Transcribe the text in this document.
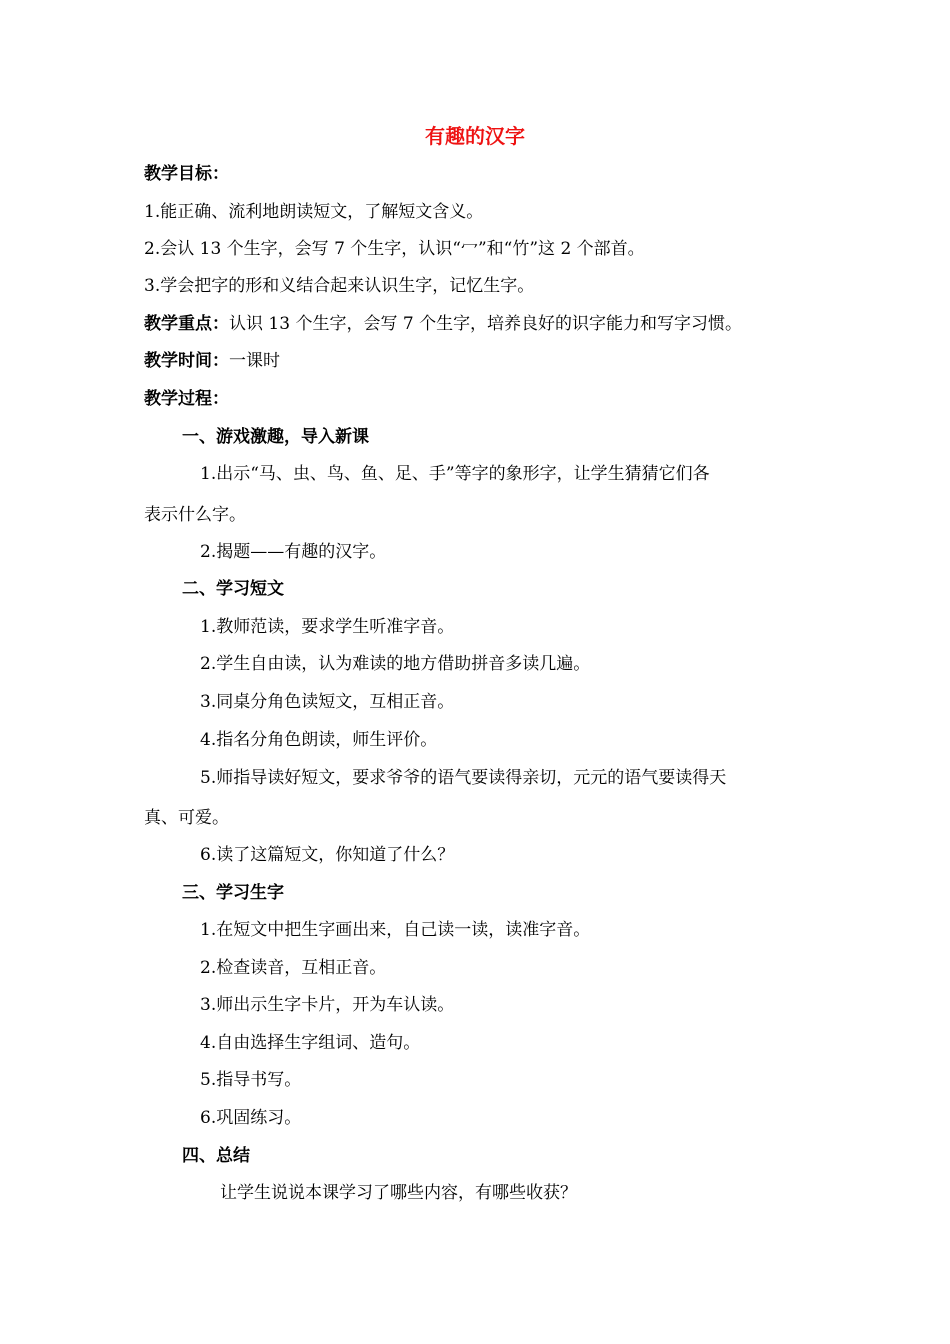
有趣的汉字
教学目标：
1.能正确、流利地朗读短文，了解短文含义。
2.会认 13 个生字，会写 7 个生字，认识“冖”和“竹”这 2 个部首。
3.学会把字的形和义结合起来认识生字，记忆生字。
教学重点：认识 13 个生字，会写 7 个生字，培养良好的识字能力和写字习惯。
教学时间：一课时
教学过程：
一、游戏激趣，导入新课
1.出示“马、虫、鸟、鱼、足、手”等字的象形字，让学生猜猜它们各
表示什么字。
2.揭题——有趣的汉字。
二、学习短文
1.教师范读，要求学生听准字音。
2.学生自由读，认为难读的地方借助拼音多读几遍。
3.同桌分角色读短文，互相正音。
4.指名分角色朗读，师生评价。
5.师指导读好短文，要求爷爷的语气要读得亲切，元元的语气要读得天
真、可爱。
6.读了这篇短文，你知道了什么？
三、学习生字
1.在短文中把生字画出来，自己读一读，读准字音。
2.检查读音，互相正音。
3.师出示生字卡片，开为车认读。
4.自由选择生字组词、造句。
5.指导书写。
6.巩固练习。
四、总结
让学生说说本课学习了哪些内容，有哪些收获？
